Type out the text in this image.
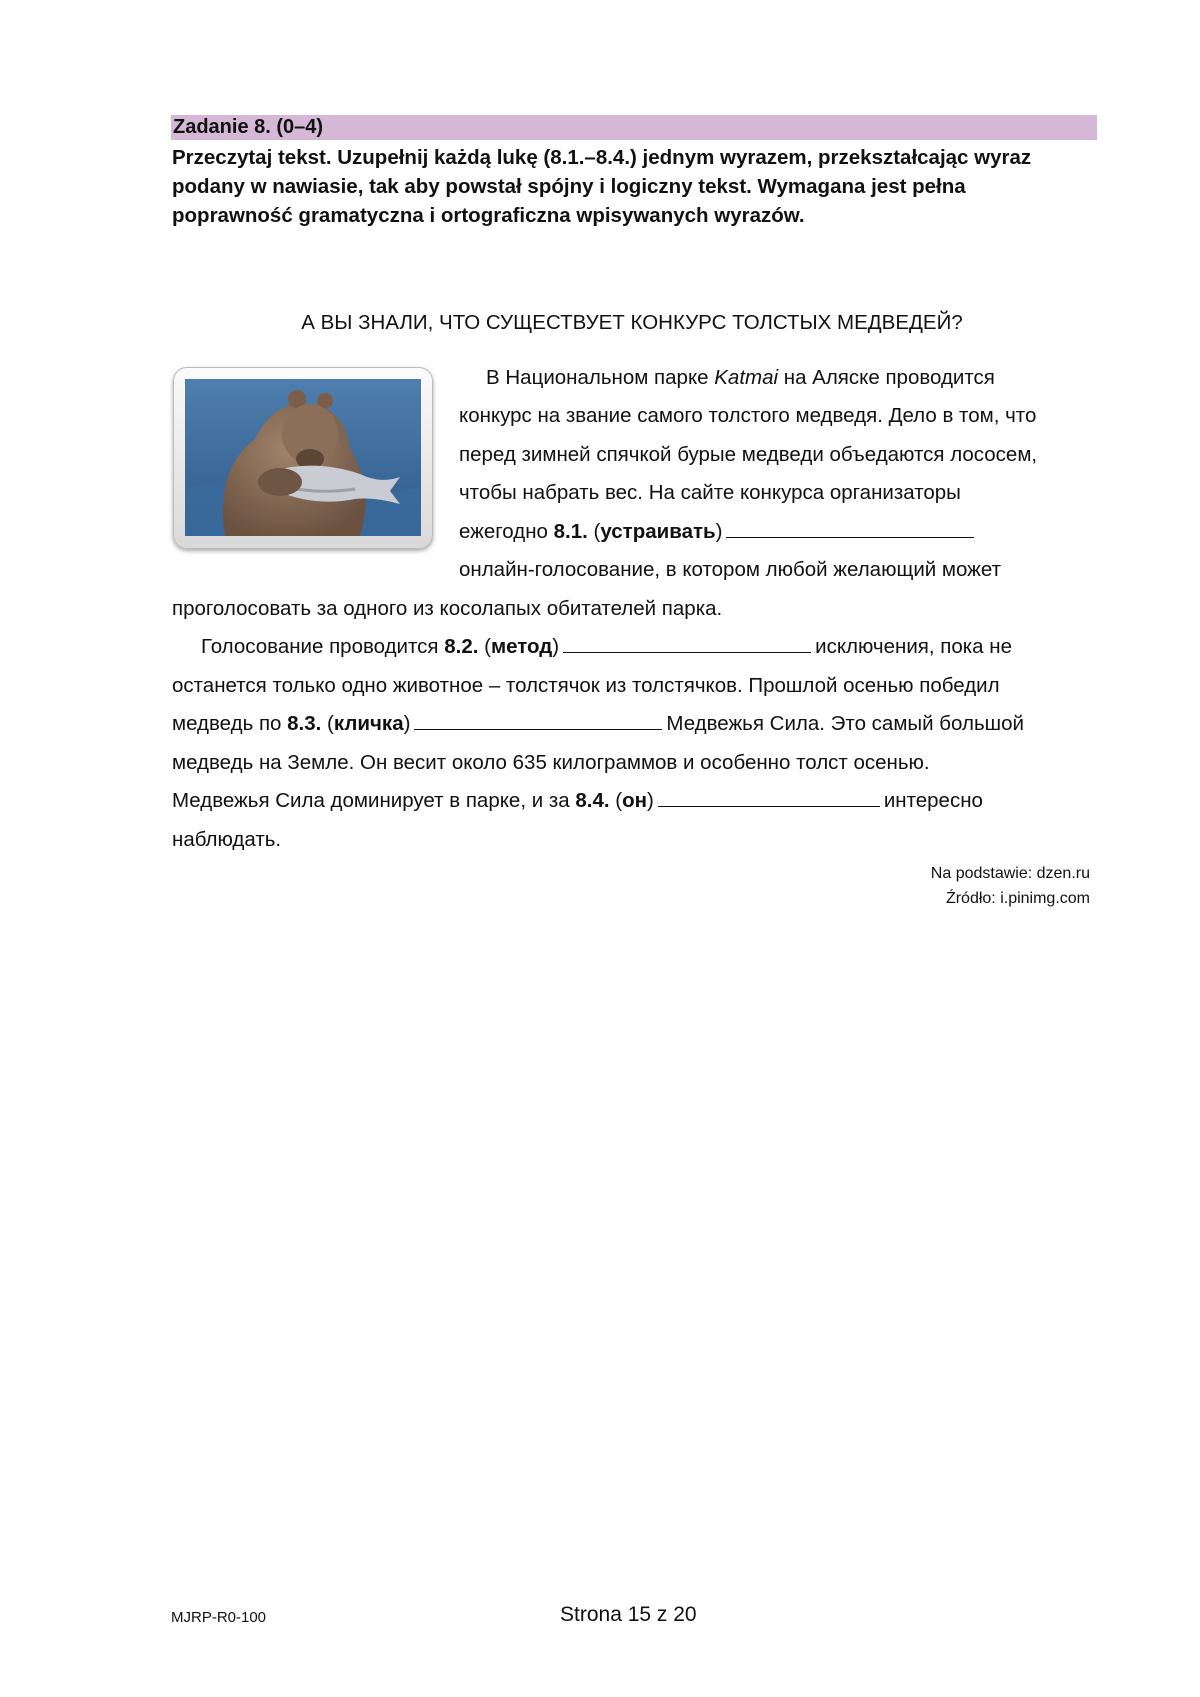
Zadanie 8. (0–4)
Przeczytaj tekst. Uzupełnij każdą lukę (8.1.–8.4.) jednym wyrazem, przekształcając wyraz podany w nawiasie, tak aby powstał spójny i logiczny tekst. Wymagana jest pełna poprawność gramatyczna i ortograficzna wpisywanych wyrazów.
А ВЫ ЗНАЛИ, ЧТО СУЩЕСТВУЕТ КОНКУРС ТОЛСТЫХ МЕДВЕДЕЙ?
В Национальном парке Katmai на Аляске проводится
конкурс на звание самого толстого медведя. Дело в том, что
перед зимней спячкой бурые медведи объедаются лососем,
чтобы набрать вес. На сайте конкурса организаторы
ежегодно 8.1. (устраивать)
онлайн-голосование, в котором любой желающий может
проголосовать за одного из косолапых обитателей парка.
Голосование проводится 8.2. (метод)	исключения, пока не
останется только одно животное – толстячок из толстячков. Прошлой осенью победил
медведь по 8.3. (кличка)	Медвежья Сила. Это самый большой
медведь на Земле. Он весит около 635 килограммов и особенно толст осенью.
Медвежья Сила доминирует в парке, и за 8.4. (он)	интересно
наблюдать.
Na podstawie: dzen.ru
Źródło: i.pinimg.com
MJRP-R0-100	Strona 15 z 20
